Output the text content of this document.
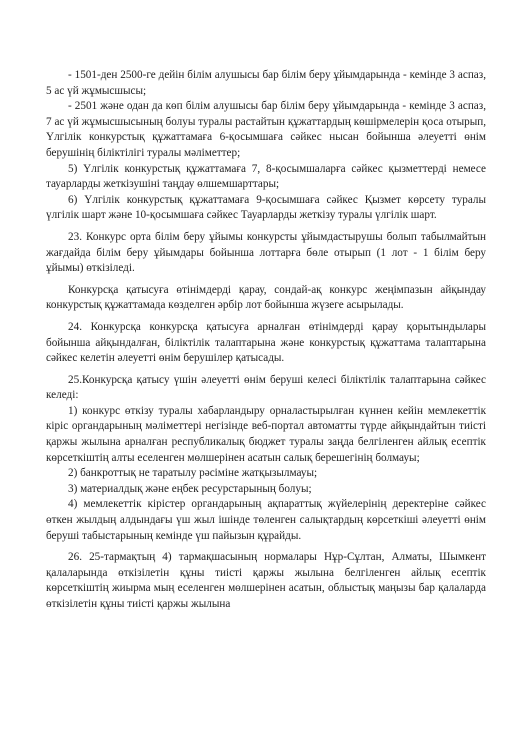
- 1501-ден 2500-ге дейін білім алушысы бар білім беру ұйымдарында - кемінде 3 аспаз, 5 ас үй жұмысшысы;

- 2501 және одан да көп білім алушысы бар білім беру ұйымдарында - кемінде 3 аспаз, 7 ас үй жұмысшысының болуы туралы растайтын құжаттардың көшірмелерін қоса отырып, Үлгілік конкурстық құжаттамаға 6-қосымшаға сәйкес нысан бойынша әлеуетті өнім берушінің біліктілігі туралы мәліметтер;

5) Үлгілік конкурстық құжаттамаға 7, 8-қосымшаларға сәйкес қызметтерді немесе тауарларды жеткізушіні таңдау өлшемшарттары;

6) Үлгілік конкурстық құжаттамаға 9-қосымшаға сәйкес Қызмет көрсету туралы үлгілік шарт және 10-қосымшаға сәйкес Тауарларды жеткізу туралы үлгілік шарт.

23. Конкурс орта білім беру ұйымы конкурсты ұйымдастырушы болып табылмайтын жағдайда білім беру ұйымдары бойынша лоттарға бөле отырып (1 лот - 1 білім беру ұйымы) өткізіледі.

Конкурсқа қатысуға өтінімдерді қарау, сондай-ақ конкурс жеңімпазын айқындау конкурстық құжаттамада көзделген әрбір лот бойынша жүзеге асырылады.

24. Конкурсқа конкурсқа қатысуға арналған өтінімдерді қарау қорытындылары бойынша айқындалған, біліктілік талаптарына және конкурстық құжаттама талаптарына сәйкес келетін әлеуетті өнім берушілер қатысады.

25.Конкурсқа қатысу үшін әлеуетті өнім беруші келесі біліктілік талаптарына сәйкес келеді:

1) конкурс өткізу туралы хабарландыру орналастырылған күннен кейін мемлекеттік кіріс органдарының мәліметтері негізінде веб-портал автоматты түрде айқындайтын тиісті қаржы жылына арналған республикалық бюджет туралы заңда белгіленген айлық есептік көрсеткіштің алты еселенген мөлшерінен асатын салық берешегінің болмауы;

2) банкроттық не таратылу рәсіміне жатқызылмауы;

3) материалдық және еңбек ресурстарының болуы;

4) мемлекеттік кірістер органдарының ақпараттық жүйелерінің деректеріне сәйкес өткен жылдың алдындағы үш жыл ішінде төленген салықтардың көрсеткіші әлеуетті өнім беруші табыстарының кемінде үш пайызын құрайды.

26. 25-тармақтың 4) тармақшасының нормалары Нұр-Сұлтан, Алматы, Шымкент қалаларында өткізілетін құны тиісті қаржы жылына белгіленген айлық есептік көрсеткіштің жиырма мың еселенген мөлшерінен асатын, облыстық маңызы бар қалаларда өткізілетін құны тиісті қаржы жылына
